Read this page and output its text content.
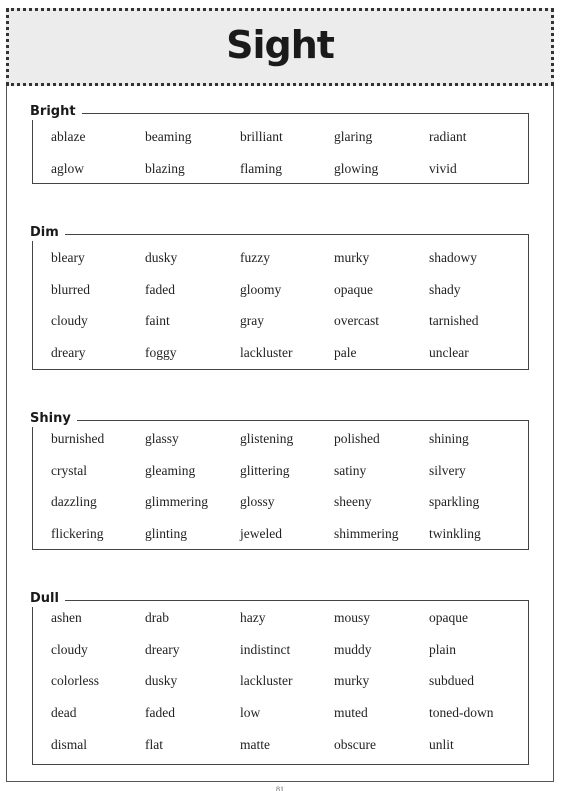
Sight
Bright
ablaze	beaming	brilliant	glaring	radiant
aglow	blazing	flaming	glowing	vivid
Dim
bleary	dusky	fuzzy	murky	shadowy
blurred	faded	gloomy	opaque	shady
cloudy	faint	gray	overcast	tarnished
dreary	foggy	lackluster	pale	unclear
Shiny
burnished	glassy	glistening	polished	shining
crystal	gleaming	glittering	satiny	silvery
dazzling	glimmering	glossy	sheeny	sparkling
flickering	glinting	jeweled	shimmering	twinkling
Dull
ashen	drab	hazy	mousy	opaque
cloudy	dreary	indistinct	muddy	plain
colorless	dusky	lackluster	murky	subdued
dead	faded	low	muted	toned-down
dismal	flat	matte	obscure	unlit
81
